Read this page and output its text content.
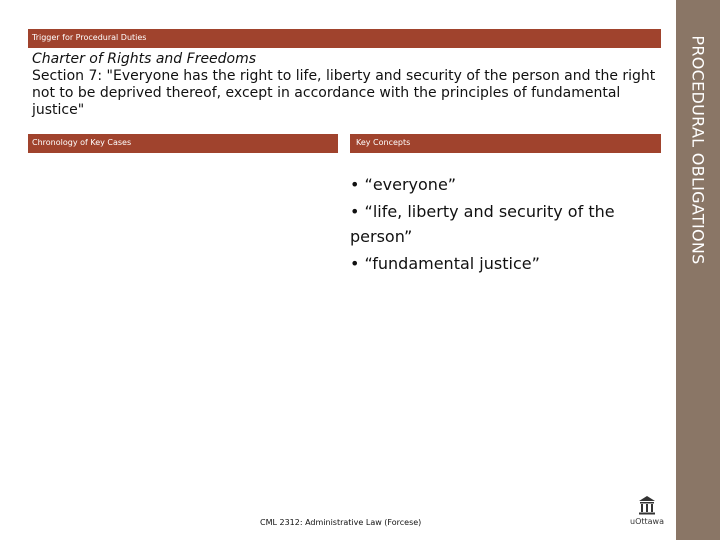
Trigger for Procedural Duties
Charter of Rights and Freedoms
Section 7: "Everyone has the right to life, liberty and security of the person and the right not to be deprived thereof, except in accordance with the principles of fundamental justice"
Chronology of Key Cases	Key Concepts
• “everyone”
• “life, liberty and security of the person”
• “fundamental justice”
CML 2312: Administrative Law (Forcese)	uOttawa
PROCEDURAL OBLIGATIONS
